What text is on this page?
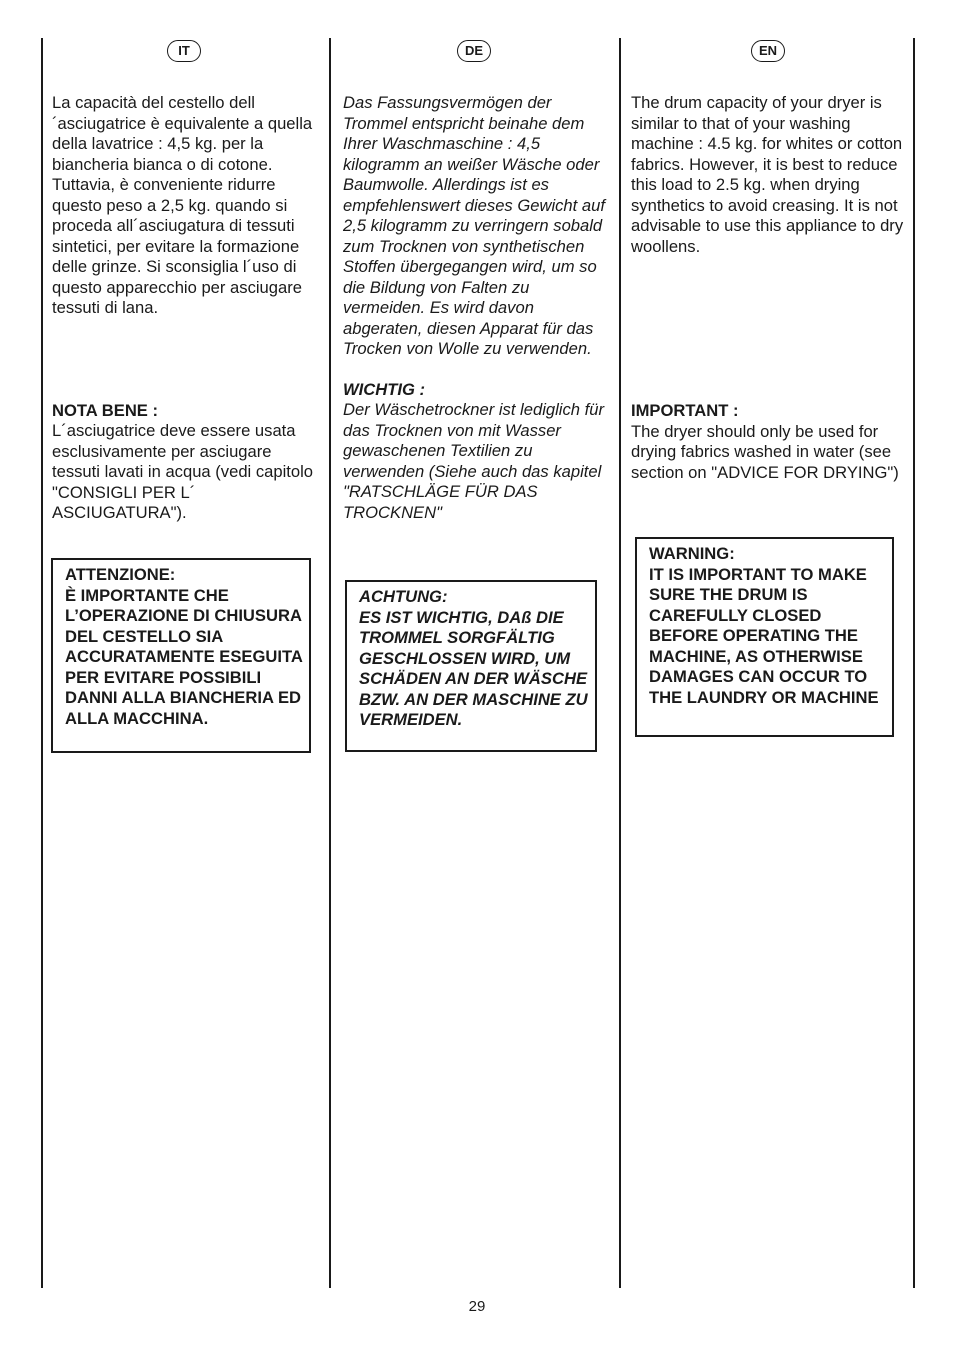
IT	DE	EN

La capacità del cestello dell´asciugatrice è equivalente a quella della lavatrice : 4,5 kg. per la biancheria bianca o di cotone. Tuttavia, è conveniente ridurre questo peso a 2,5 kg. quando si proceda all´asciugatura di tessuti sintetici, per evitare la formazione delle grinze. Si sconsiglia l´uso di questo apparecchio per asciugare tessuti di lana.

NOTA BENE :

L´asciugatrice deve essere usata esclusivamente per asciugare tessuti lavati in acqua (vedi capitolo "CONSIGLI PER L´ ASCIUGATURA").

ATTENZIONE:
È IMPORTANTE CHE L’OPERAZIONE DI CHIUSURA DEL CESTELLO SIA ACCURATAMENTE ESEGUITA PER EVITARE POSSIBILI DANNI ALLA BIANCHERIA ED ALLA MACCHINA.

Das Fassungsvermögen der Trommel entspricht beinahe dem Ihrer Waschmaschine : 4,5 kilogramm an weißer Wäsche oder Baumwolle. Allerdings ist es empfehlenswert dieses Gewicht auf 2,5 kilogramm zu verringern sobald zum Trocknen von synthetischen Stoffen übergegangen wird, um so die Bildung von Falten zu vermeiden. Es wird davon abgeraten, diesen Apparat für das Trocken von Wolle zu verwenden.

WICHTIG :

Der Wäschetrockner ist lediglich für das Trocknen von mit Wasser gewaschenen Textilien zu verwenden (Siehe auch das kapitel "RATSCHLÄGE FÜR DAS TROCKNEN"

ACHTUNG:
ES IST WICHTIG, DAß DIE TROMMEL SORGFÄLTIG GESCHLOSSEN WIRD, UM SCHÄDEN AN DER WÄSCHE BZW. AN DER MASCHINE ZU VERMEIDEN.

The drum capacity of your dryer is similar to that of your washing machine : 4.5 kg. for whites or cotton fabrics. However, it is best to reduce this load to 2.5 kg. when drying synthetics to avoid creasing. It is not advisable to use this appliance to dry woollens.

IMPORTANT :

The dryer should only be used for drying fabrics washed in water (see section on "ADVICE FOR DRYING")

WARNING:
IT IS IMPORTANT TO MAKE SURE THE DRUM IS CAREFULLY CLOSED BEFORE OPERATING THE MACHINE, AS OTHERWISE DAMAGES CAN OCCUR TO THE LAUNDRY OR MACHINE
29
